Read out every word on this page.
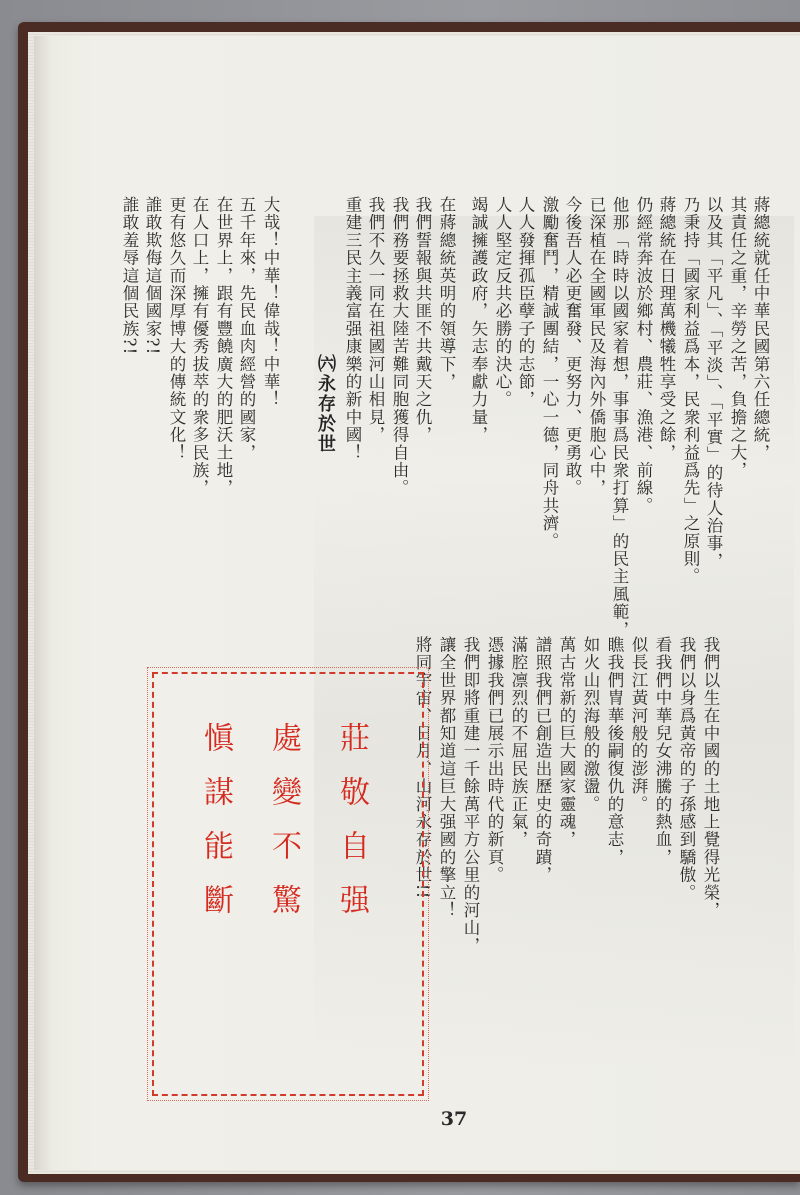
蔣總統就任中華民國第六任總統，
其責任之重，辛勞之苦，負擔之大，
以及其「平凡」、「平淡」、「平實」的待人治事，
乃秉持「國家利益爲本，民衆利益爲先」之原則。
蔣總統在日理萬機犧牲享受之餘，
仍經常奔波於鄉村、農莊、漁港、前線。
他那「時時以國家着想，事事爲民衆打算」的民主風範，
已深植在全國軍民及海內外僑胞心中，
今後吾人必更奮發、更努力、更勇敢。
激勵奮鬥，精誠團結，一心一德，同舟共濟。
人人發揮孤臣孽子的志節，
人人堅定反共必勝的決心。
竭誠擁護政府，矢志奉獻力量，
在蔣總統英明的領導下，
我們誓報與共匪不共戴天之仇，
我們務要拯救大陸苦難同胞獲得自由。
我們不久一同在祖國河山相見，
重建三民主義富强康樂的新中國！
㈥永存於世
大哉！中華！偉哉！中華！
五千年來，先民血肉經營的國家，
在世界上，跟有豐饒廣大的肥沃土地，
在人口上，擁有優秀拔萃的衆多民族，
更有悠久而深厚博大的傳統文化！
誰敢欺侮這個國家?!
誰敢羞辱這個民族?!
我們以生在中國的土地上覺得光榮，
我們以身爲黃帝的子孫感到驕傲。
看我們中華兒女沸騰的熱血，
似長江黃河般的澎湃。
瞧我們冑華後嗣復仇的意志，
如火山烈海般的激盪。
萬古常新的巨大國家靈魂，
譜照我們已創造出歷史的奇蹟，
滿腔凛烈的不屈民族正氣，
憑據我們已展示出時代的新頁。
我們即將重建一千餘萬平方公里的河山，
讓全世界都知道這巨大强國的擎立！
將同宇宙、日月、山河永存於世!!
莊敬自强
處變不驚
愼謀能斷
37
